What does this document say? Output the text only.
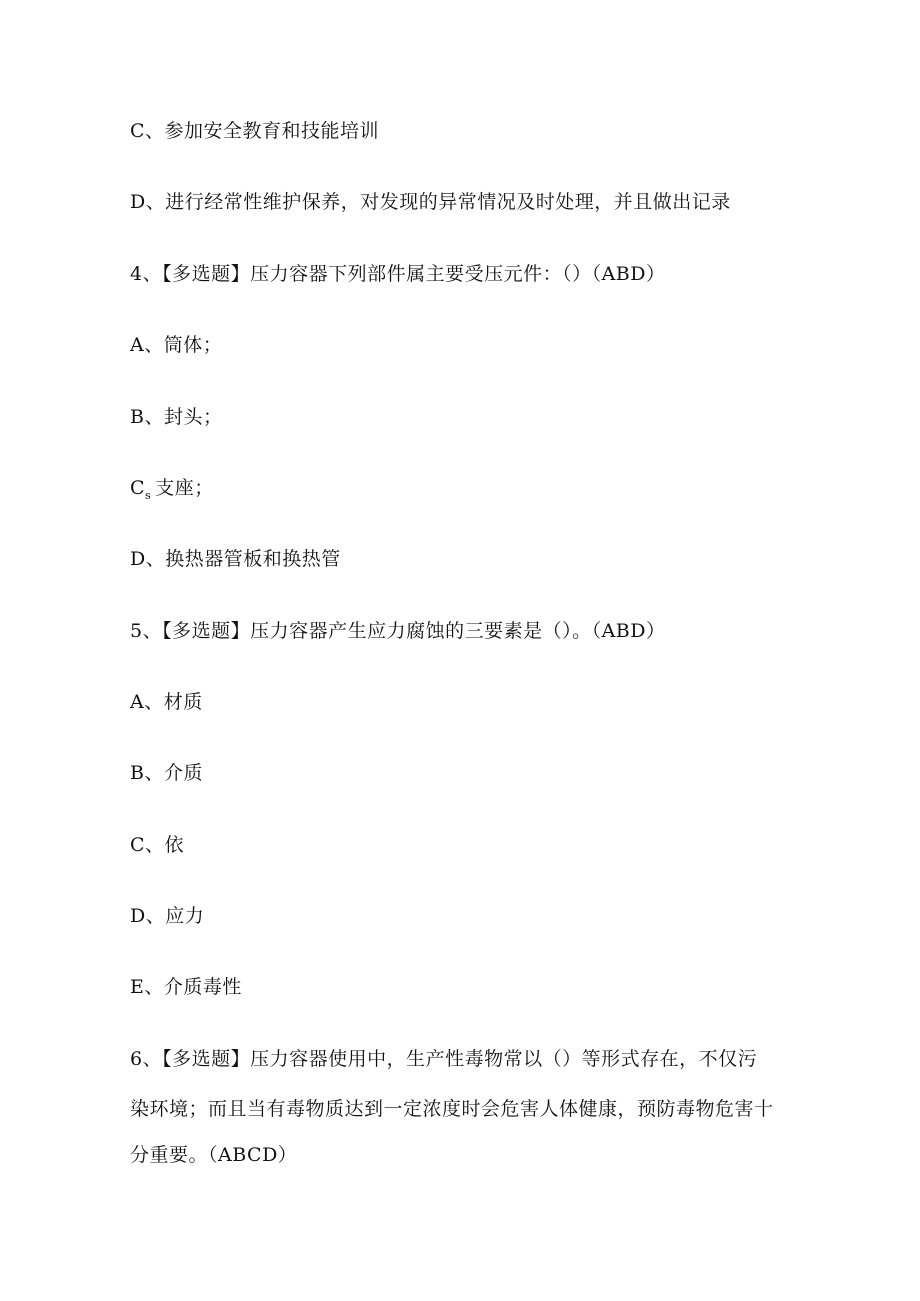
C、参加安全教育和技能培训
D、进行经常性维护保养，对发现的异常情况及时处理，并且做出记录
4、【多选题】压力容器下列部件属主要受压元件：（）（ABD）
A、筒体；
B、封头；
$C_s$ 支座；
D、换热器管板和换热管
5、【多选题】压力容器产生应力腐蚀的三要素是（）。（ABD）
A、材质
B、介质
C、依
D、应力
E、介质毒性
6、【多选题】压力容器使用中，生产性毒物常以（）等形式存在，不仅污
染环境；而且当有毒物质达到一定浓度时会危害人体健康，预防毒物危害十
分重要。（ABCD）
